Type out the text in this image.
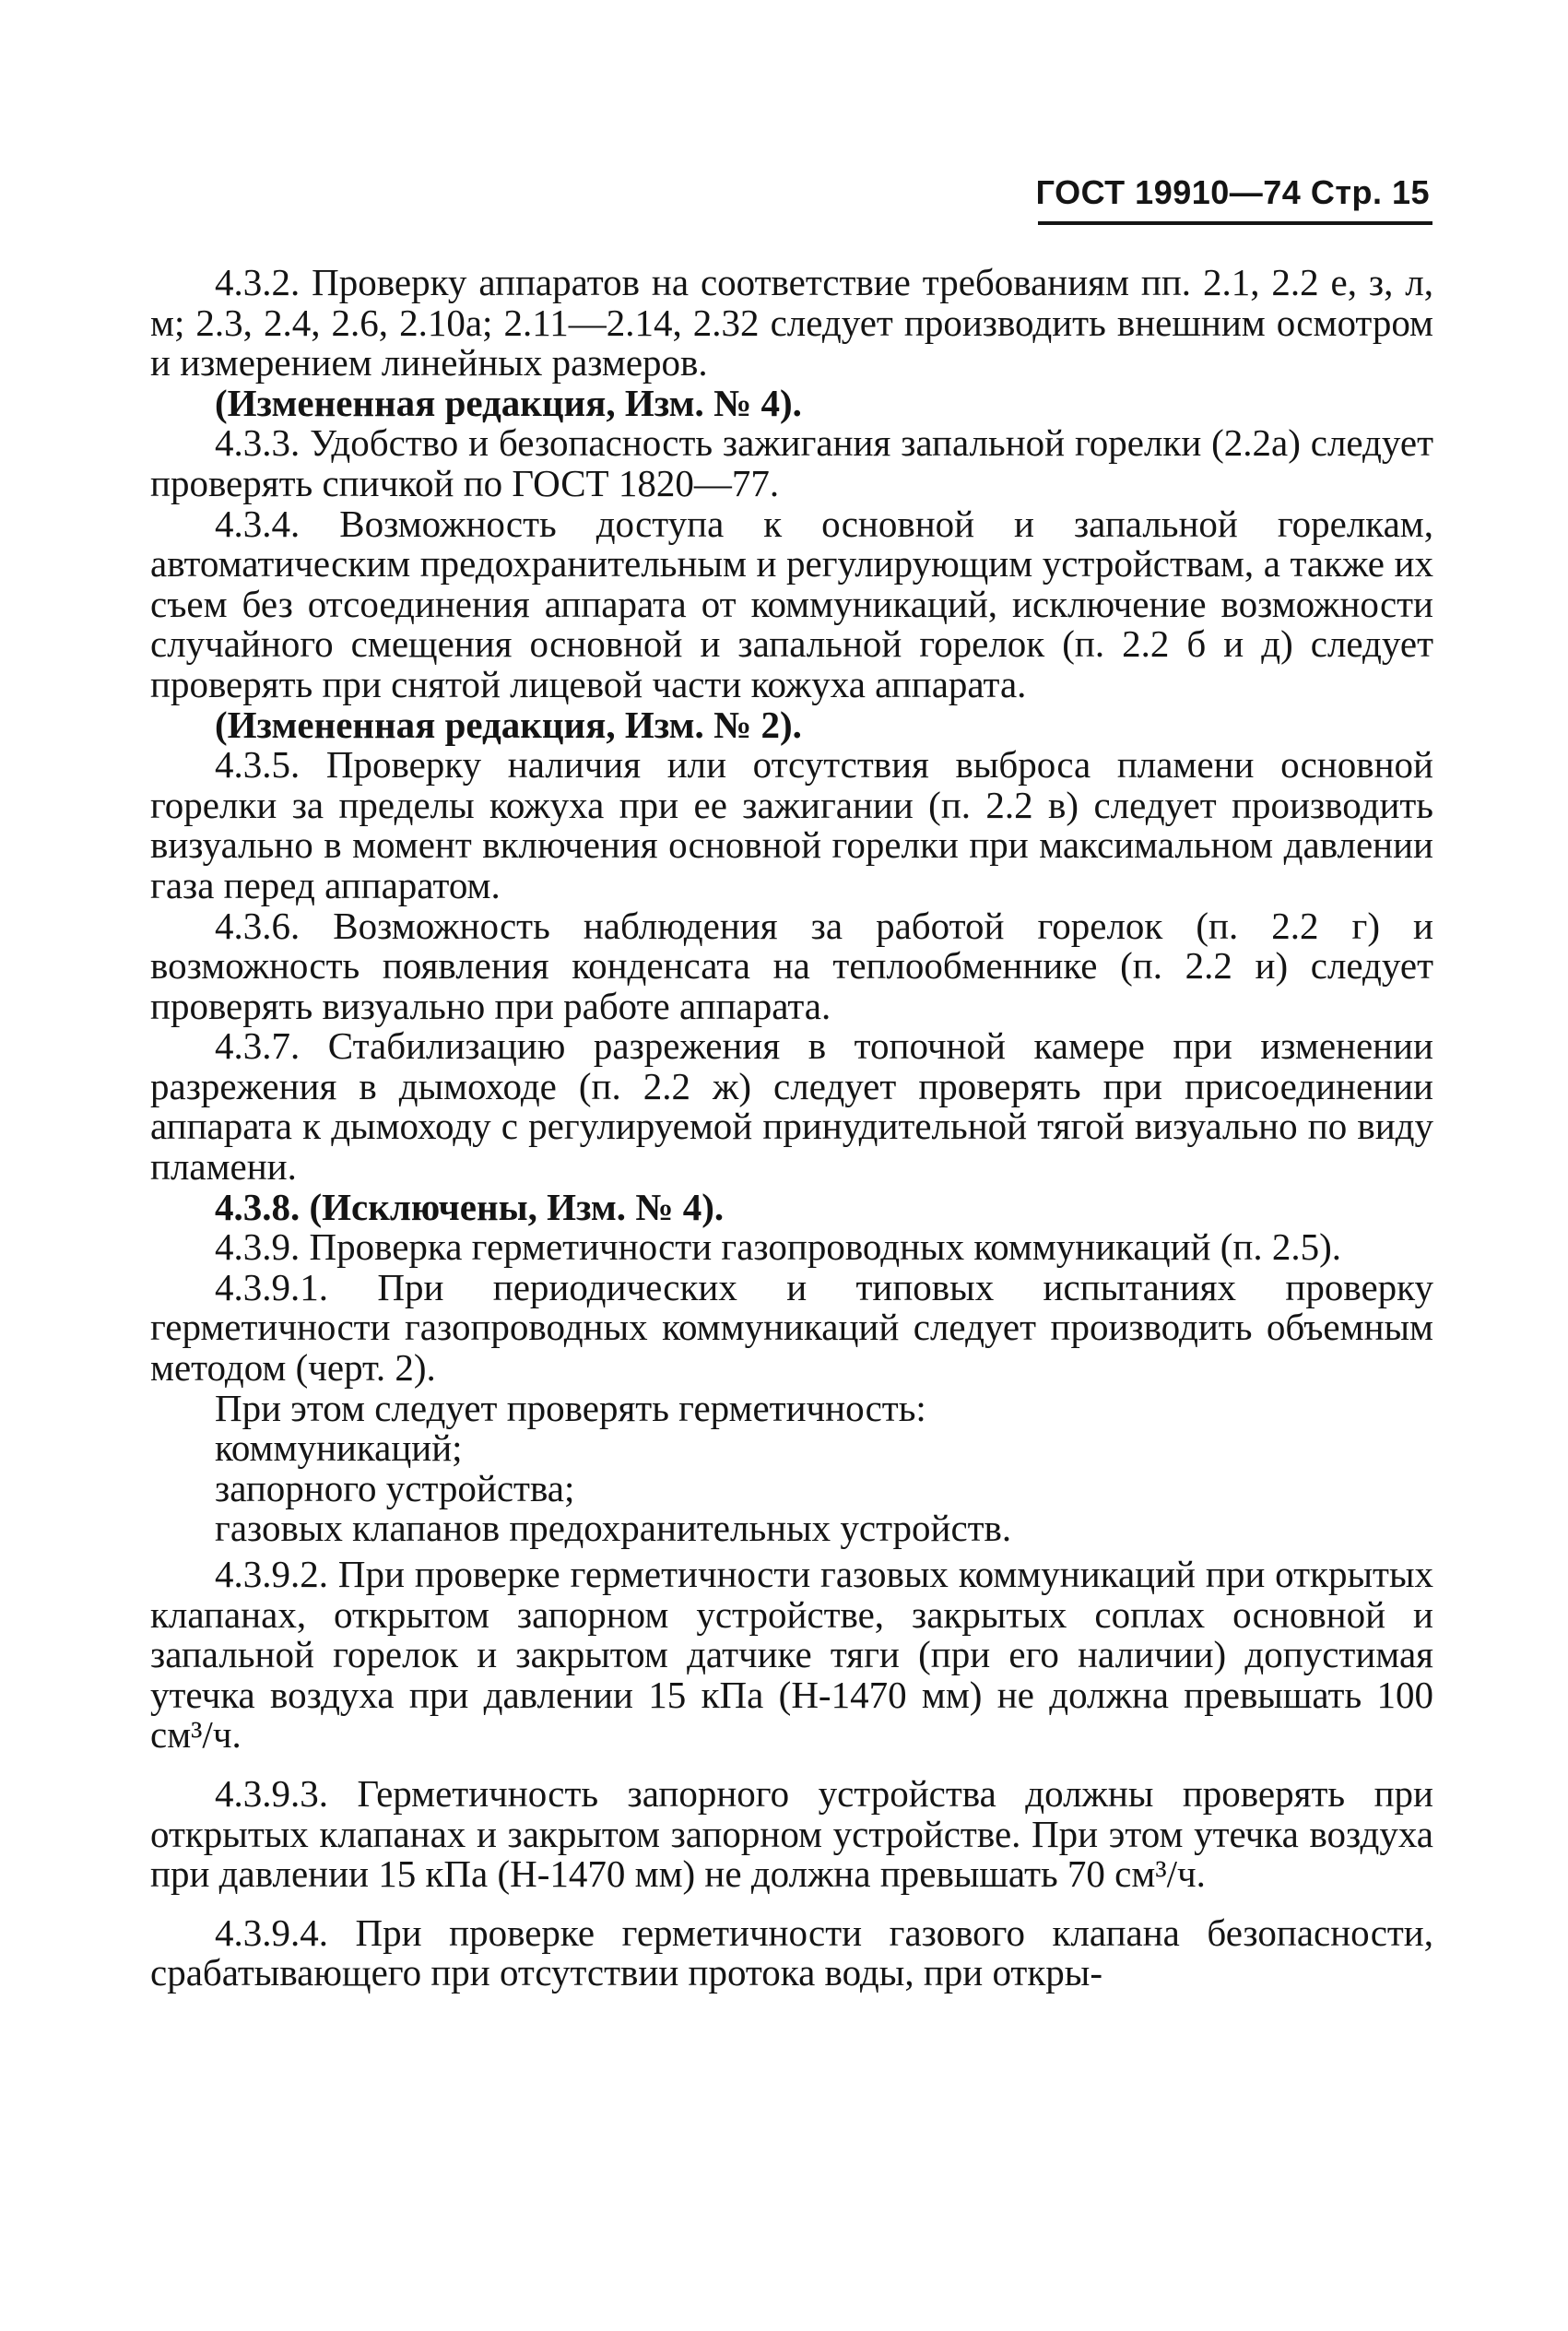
ГОСТ 19910—74 Стр. 15

4.3.2. Проверку аппаратов на соответствие требованиям пп. 2.1, 2.2 е, з, л, м; 2.3, 2.4, 2.6, 2.10а; 2.11—2.14, 2.32 следует производить внешним осмотром и измерением линейных размеров.

(Измененная редакция, Изм. № 4).

4.3.3. Удобство и безопасность зажигания запальной горелки (2.2а) следует проверять спичкой по ГОСТ 1820—77.

4.3.4. Возможность доступа к основной и запальной горелкам, автоматическим предохранительным и регулирующим устройствам, а также их съем без отсоединения аппарата от коммуникаций, исключение возможности случайного смещения основной и запальной горелок (п. 2.2 б и д) следует проверять при снятой лицевой части кожуха аппарата.

(Измененная редакция, Изм. № 2).

4.3.5. Проверку наличия или отсутствия выброса пламени основной горелки за пределы кожуха при ее зажигании (п. 2.2 в) следует производить визуально в момент включения основной горелки при максимальном давлении газа перед аппаратом.

4.3.6. Возможность наблюдения за работой горелок (п. 2.2 г) и возможность появления конденсата на теплообменнике (п. 2.2 и) следует проверять визуально при работе аппарата.

4.3.7. Стабилизацию разрежения в топочной камере при изменении разрежения в дымоходе (п. 2.2 ж) следует проверять при присоединении аппарата к дымоходу с регулируемой принудительной тягой визуально по виду пламени.

4.3.8. (Исключены, Изм. № 4).

4.3.9. Проверка герметичности газопроводных коммуникаций (п. 2.5).

4.3.9.1. При периодических и типовых испытаниях проверку герметичности газопроводных коммуникаций следует производить объемным методом (черт. 2).

При этом следует проверять герметичность:

коммуникаций;

запорного устройства;

газовых клапанов предохранительных устройств.

4.3.9.2. При проверке герметичности газовых коммуникаций при открытых клапанах, открытом запорном устройстве, закрытых соплах основной и запальной горелок и закрытом датчике тяги (при его наличии) допустимая утечка воздуха при давлении 15 кПа (Н-1470 мм) не должна превышать 100 см³/ч.

4.3.9.3. Герметичность запорного устройства должны проверять при открытых клапанах и закрытом запорном устройстве. При этом утечка воздуха при давлении 15 кПа (Н-1470 мм) не должна превышать 70 см³/ч.

4.3.9.4. При проверке герметичности газового клапана безопасности, срабатывающего при отсутствии протока воды, при откры-
